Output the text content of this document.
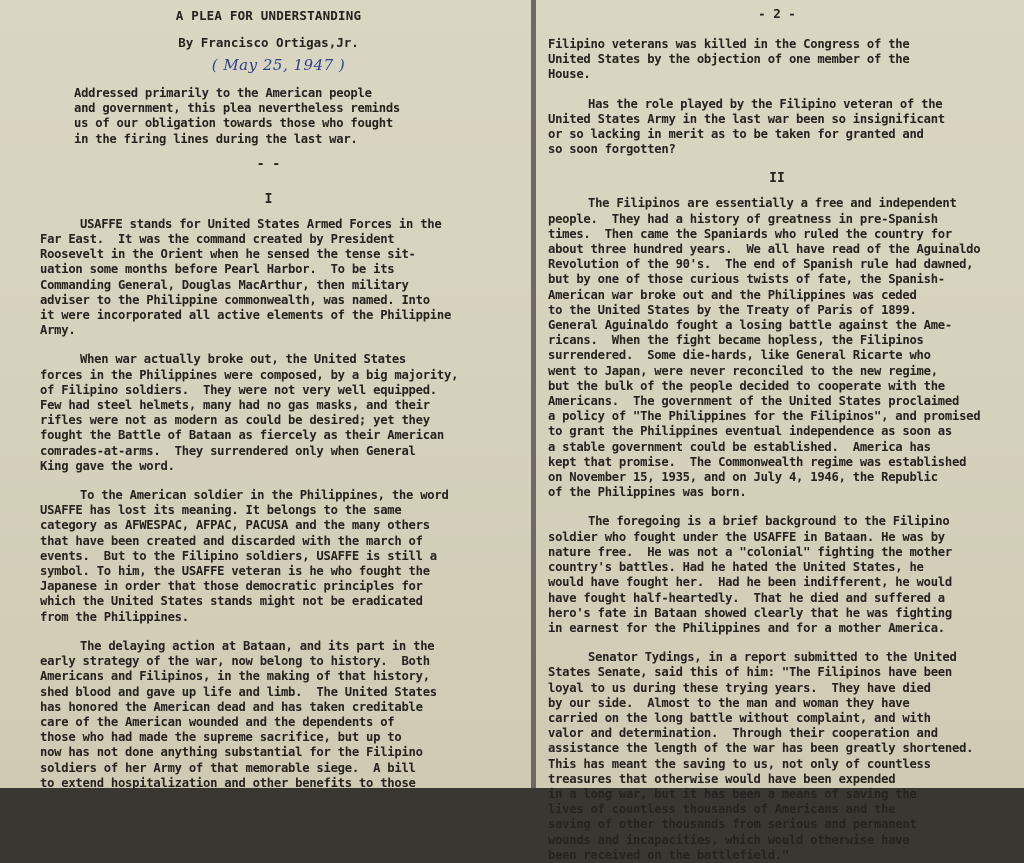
A PLEA FOR UNDERSTANDING
By Francisco Ortigas,Jr.
( May 25, 1947 )
Addressed primarily to the American people
and government, this plea nevertheless reminds
us of our obligation towards those who fought
in the firing lines during the last war.
- -
I

USAFFE stands for United States Armed Forces in the
Far East.  It was the command created by President
Roosevelt in the Orient when he sensed the tense sit-
uation some months before Pearl Harbor.  To be its
Commanding General, Douglas MacArthur, then military
adviser to the Philippine commonwealth, was named. Into
it were incorporated all active elements of the Philippine
Army.

When war actually broke out, the United States
forces in the Philippines were composed, by a big majority,
of Filipino soldiers.  They were not very well equipped.
Few had steel helmets, many had no gas masks, and their
rifles were not as modern as could be desired; yet they
fought the Battle of Bataan as fiercely as their American
comrades-at-arms.  They surrendered only when General
King gave the word.

To the American soldier in the Philippines, the word
USAFFE has lost its meaning. It belongs to the same
category as AFWESPAC, AFPAC, PACUSA and the many others
that have been created and discarded with the march of
events.  But to the Filipino soldiers, USAFFE is still a
symbol. To him, the USAFFE veteran is he who fought the
Japanese in order that those democratic principles for
which the United States stands might not be eradicated
from the Philippines.

The delaying action at Bataan, and its part in the
early strategy of the war, now belong to history.  Both
Americans and Filipinos, in the making of that history,
shed blood and gave up life and limb.  The United States
has honored the American dead and has taken creditable
care of the American wounded and the dependents of
those who had made the supreme sacrifice, but up to
now has not done anything substantial for the Filipino
soldiers of her Army of that memorable siege.  A bill
to extend hospitalization and other benefits to those

- 2 -

Filipino veterans was killed in the Congress of the
United States by the objection of one member of the
House.

Has the role played by the Filipino veteran of the
United States Army in the last war been so insignificant
or so lacking in merit as to be taken for granted and
so soon forgotten?

II

The Filipinos are essentially a free and independent
people.  They had a history of greatness in pre-Spanish
times.  Then came the Spaniards who ruled the country for
about three hundred years.  We all have read of the Aguinaldo
Revolution of the 90's.  The end of Spanish rule had dawned,
but by one of those curious twists of fate, the Spanish-
American war broke out and the Philippines was ceded
to the United States by the Treaty of Paris of 1899.
General Aguinaldo fought a losing battle against the Ame-
ricans.  When the fight became hopless, the Filipinos
surrendered.  Some die-hards, like General Ricarte who
went to Japan, were never reconciled to the new regime,
but the bulk of the people decided to cooperate with the
Americans.  The government of the United States proclaimed
a policy of "The Philippines for the Filipinos", and promised
to grant the Philippines eventual independence as soon as
a stable government could be established.  America has
kept that promise.  The Commonwealth regime was established
on November 15, 1935, and on July 4, 1946, the Republic
of the Philippines was born.

The foregoing is a brief background to the Filipino
soldier who fought under the USAFFE in Bataan. He was by
nature free.  He was not a "colonial" fighting the mother
country's battles. Had he hated the United States, he
would have fought her.  Had he been indifferent, he would
have fought half-heartedly.  That he died and suffered a
hero's fate in Bataan showed clearly that he was fighting
in earnest for the Philippines and for a mother America.

Senator Tydings, in a report submitted to the United
States Senate, said this of him: "The Filipinos have been
loyal to us during these trying years.  They have died
by our side.  Almost to the man and woman they have
carried on the long battle without complaint, and with
valor and determination.  Through their cooperation and
assistance the length of the war has been greatly shortened.
This has meant the saving to us, not only of countless
treasures that otherwise would have been expended
in a long war, but it has been a means of saving the
lives of countless thousands of Americans and the
saving of other thousands from serious and permanent
wounds and incapacities, which would otherwise have
been received on the battlefield."
